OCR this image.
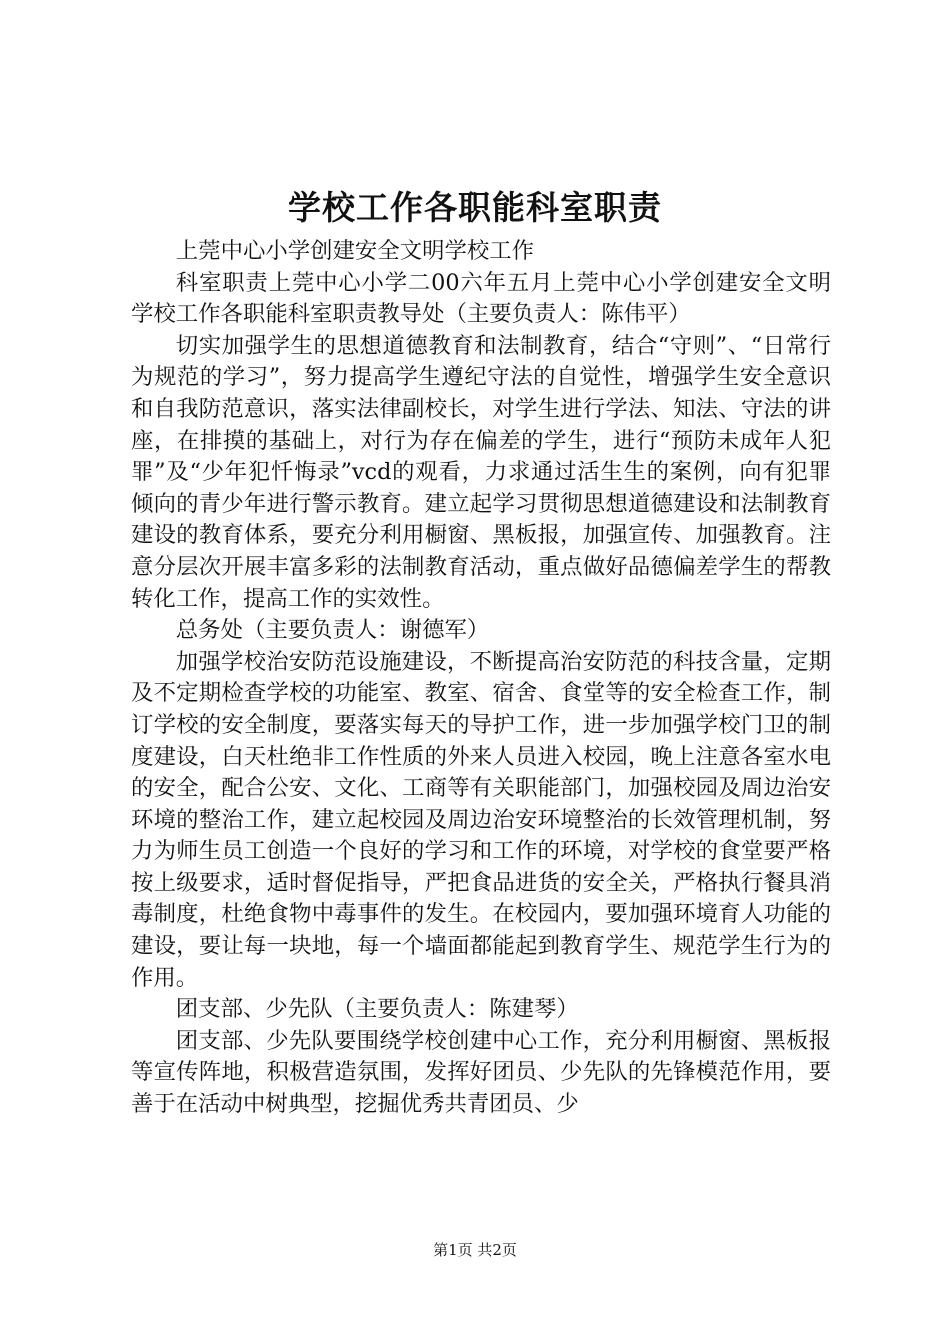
学校工作各职能科室职责

上莞中心小学创建安全文明学校工作

科室职责上莞中心小学二00六年五月上莞中心小学创建安全文明学校工作各职能科室职责教导处（主要负责人：陈伟平）

切实加强学生的思想道德教育和法制教育，结合“守则”、“日常行为规范的学习”，努力提高学生遵纪守法的自觉性，增强学生安全意识和自我防范意识，落实法律副校长，对学生进行学法、知法、守法的讲座，在排摸的基础上，对行为存在偏差的学生，进行“预防未成年人犯罪”及“少年犯忏悔录”vcd的观看，力求通过活生生的案例，向有犯罪倾向的青少年进行警示教育。建立起学习贯彻思想道德建设和法制教育建设的教育体系，要充分利用橱窗、黑板报，加强宣传、加强教育。注意分层次开展丰富多彩的法制教育活动，重点做好品德偏差学生的帮教转化工作，提高工作的实效性。

总务处（主要负责人：谢德军）

加强学校治安防范设施建设，不断提高治安防范的科技含量，定期及不定期检查学校的功能室、教室、宿舍、食堂等的安全检查工作，制订学校的安全制度，要落实每天的导护工作，进一步加强学校门卫的制度建设，白天杜绝非工作性质的外来人员进入校园，晚上注意各室水电的安全，配合公安、文化、工商等有关职能部门，加强校园及周边治安环境的整治工作，建立起校园及周边治安环境整治的长效管理机制，努力为师生员工创造一个良好的学习和工作的环境，对学校的食堂要严格按上级要求，适时督促指导，严把食品进货的安全关，严格执行餐具消毒制度，杜绝食物中毒事件的发生。在校园内，要加强环境育人功能的建设，要让每一块地，每一个墙面都能起到教育学生、规范学生行为的作用。

团支部、少先队（主要负责人：陈建琴）

团支部、少先队要围绕学校创建中心工作，充分利用橱窗、黑板报等宣传阵地，积极营造氛围，发挥好团员、少先队的先锋模范作用，要善于在活动中树典型，挖掘优秀共青团员、少

第1页 共2页
